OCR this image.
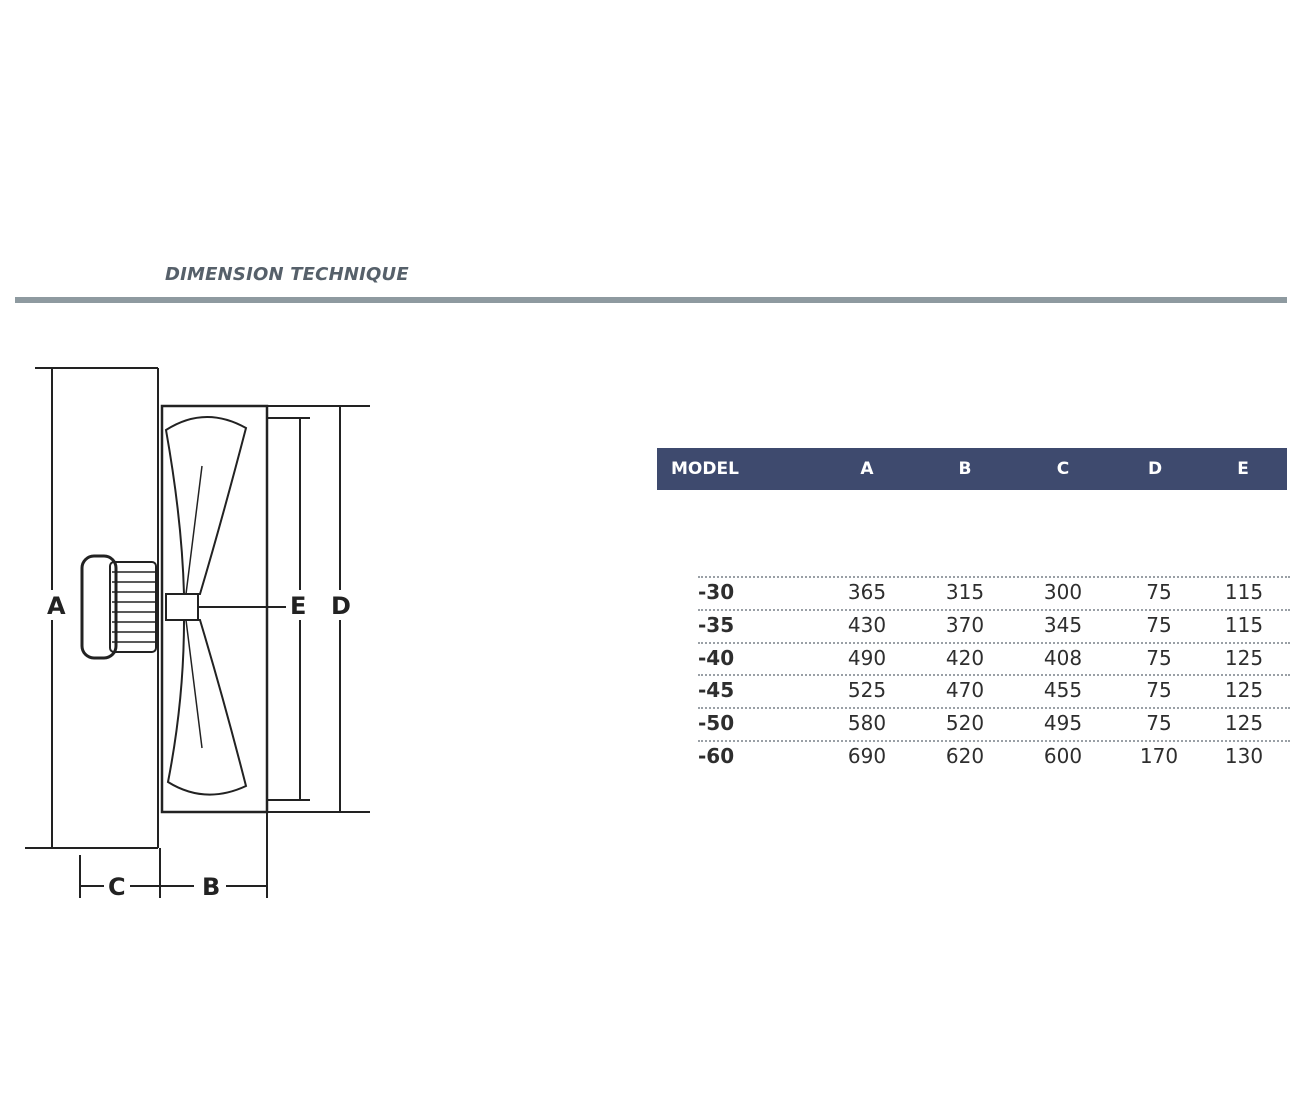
DIMENSION TECHNIQUE
A	E D
C	B
MODEL	A	B	C	D	E
-30	365	315	300	75	115
-35	430	370	345	75	115
-40	490	420	408	75	125
-45	525	470	455	75	125
-50	580	520	495	75	125
-60	690	620	600	170	130
